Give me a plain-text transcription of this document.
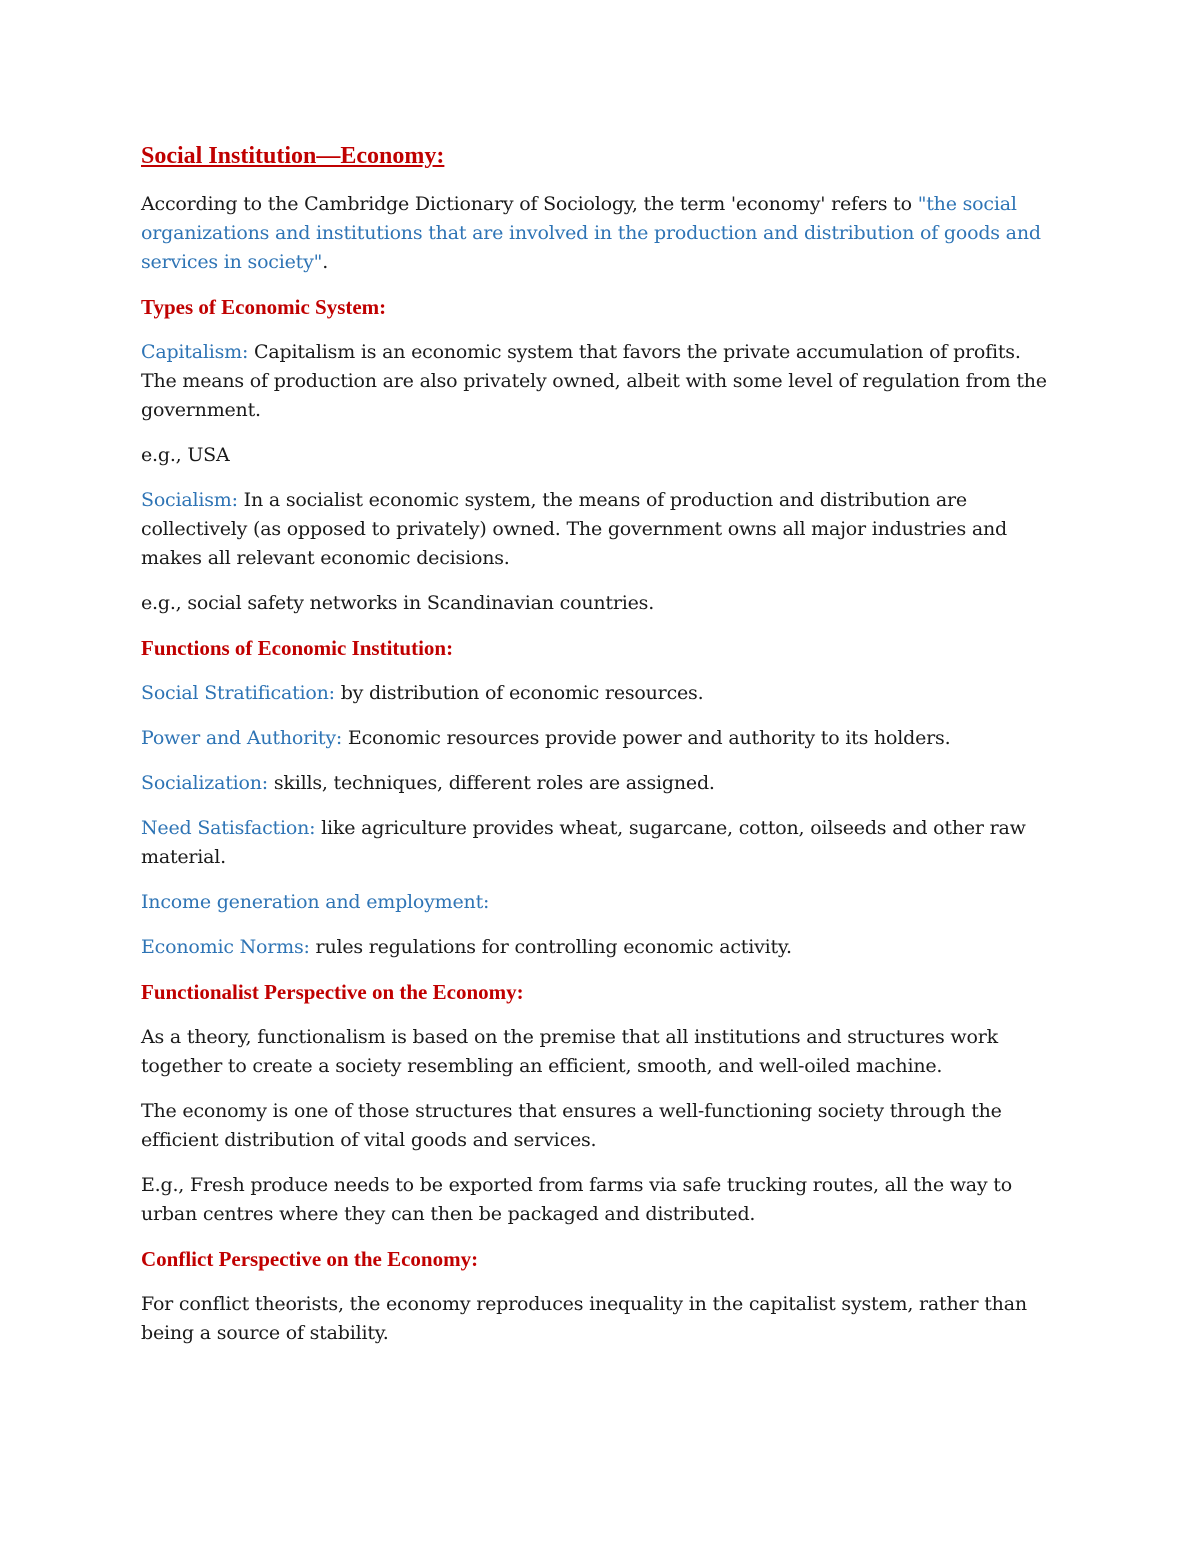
Social Institution—Economy:

According to the Cambridge Dictionary of Sociology, the term 'economy' refers to "the social organizations and institutions that are involved in the production and distribution of goods and services in society".

Types of Economic System:

Capitalism: Capitalism is an economic system that favors the private accumulation of profits. The means of production are also privately owned, albeit with some level of regulation from the government.

e.g., USA

Socialism: In a socialist economic system, the means of production and distribution are collectively (as opposed to privately) owned. The government owns all major industries and makes all relevant economic decisions.

e.g., social safety networks in Scandinavian countries.

Functions of Economic Institution:

Social Stratification: by distribution of economic resources.

Power and Authority: Economic resources provide power and authority to its holders.

Socialization: skills, techniques, different roles are assigned.

Need Satisfaction: like agriculture provides wheat, sugarcane, cotton, oilseeds and other raw material.

Income generation and employment:

Economic Norms: rules regulations for controlling economic activity.

Functionalist Perspective on the Economy:

As a theory, functionalism is based on the premise that all institutions and structures work together to create a society resembling an efficient, smooth, and well-oiled machine.

The economy is one of those structures that ensures a well-functioning society through the efficient distribution of vital goods and services.

E.g., Fresh produce needs to be exported from farms via safe trucking routes, all the way to urban centres where they can then be packaged and distributed.

Conflict Perspective on the Economy:

For conflict theorists, the economy reproduces inequality in the capitalist system, rather than being a source of stability.
